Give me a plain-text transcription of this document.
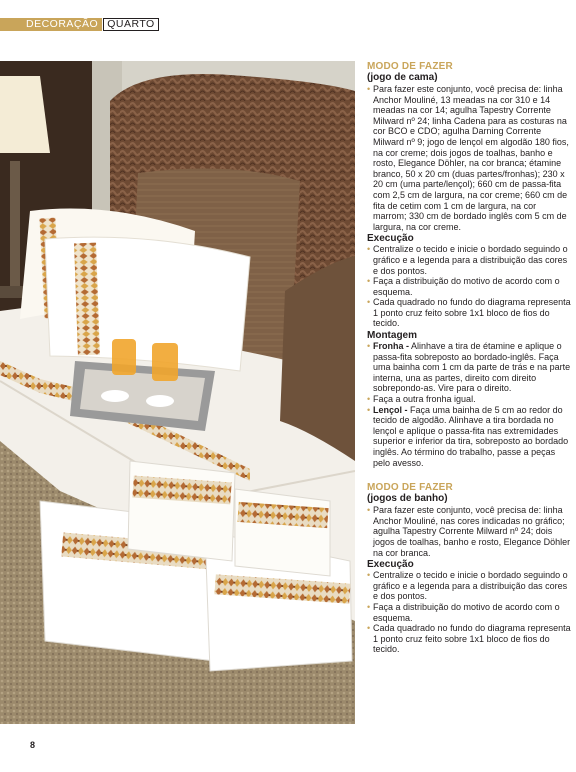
DECORAÇÃO QUARTO
MODO DE FAZER
(jogo de cama)
• Para fazer este conjunto, você precisa de: linha Anchor Mouliné, 13 meadas na cor 310 e 14 meadas na cor 14; agulha Tapestry Corrente Milward nº 24; linha Cadena para as costuras na cor BCO e CDO; agulha Darning Corrente Milward nº 9; jogo de lençol em algodão 180 fios, na cor creme; dois jogos de toalhas, banho e rosto, Elegance Döhler, na cor branca; étamine branco, 50 x 20 cm (duas partes/fronhas); 230 x 20 cm (uma parte/lençol); 660 cm de passa-fita com 2,5 cm de largura, na cor creme; 660 cm de fita de cetim com 1 cm de largura, na cor marrom; 330 cm de bordado inglês com 5 cm de largura, na cor creme.
Execução
• Centralize o tecido e inicie o bordado seguindo o gráfico e a legenda para a distribuição das cores e dos pontos.
• Faça a distribuição do motivo de acordo com o esquema.
• Cada quadrado no fundo do diagrama representa 1 ponto cruz feito sobre 1x1 bloco de fios do tecido.
Montagem
• Fronha - Alinhave a tira de étamine e aplique o passa-fita sobreposto ao bordado-inglês. Faça uma bainha com 1 cm da parte de trás e na parte interna, una as partes, direito com direito sobrepondo-as. Vire para o direito.
• Faça a outra fronha igual.
• Lençol - Faça uma bainha de 5 cm ao redor do tecido de algodão. Alinhave a tira bordada no lençol e aplique o passa-fita nas extremidades superior e inferior da tira, sobreposto ao bordado inglês. Ao término do trabalho, passe a peças pelo avesso.
MODO DE FAZER
(jogos de banho)
• Para fazer este conjunto, você precisa de: linha Anchor Mouliné, nas cores indicadas no gráfico; agulha Tapestry Corrente Milward nº 24; dois jogos de toalhas, banho e rosto, Elegance Döhler na cor branca.
Execução
• Centralize o tecido e inicie o bordado seguindo o gráfico e a legenda para a distribuição das cores e dos pontos.
• Faça a distribuição do motivo de acordo com o esquema.
• Cada quadrado no fundo do diagrama representa 1 ponto cruz feito sobre 1x1 bloco de fios do tecido.
8
